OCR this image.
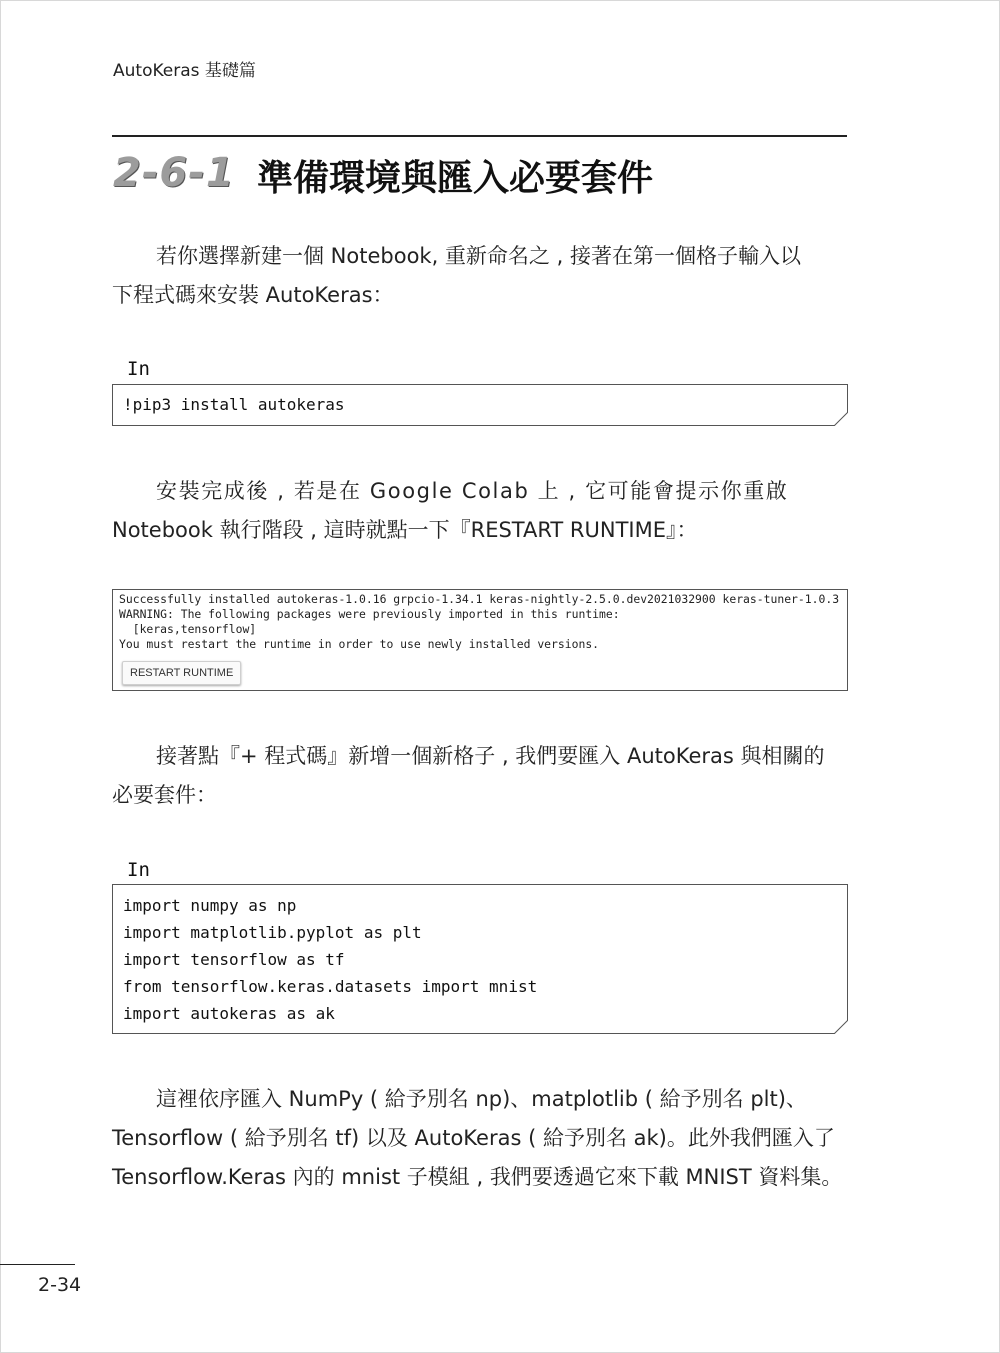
AutoKeras 基礎篇
2-6-1 準備環境與匯入必要套件
若你選擇新建一個 Notebook, 重新命名之 , 接著在第一個格子輸入以
下程式碼來安裝 AutoKeras：
In
!pip3 install autokeras
安裝完成後 , 若是在 Google Colab 上 , 它可能會提示你重啟
Notebook 執行階段 , 這時就點一下『RESTART RUNTIME』：
Successfully installed autokeras-1.0.16 grpcio-1.34.1 keras-nightly-2.5.0.dev2021032900 keras-tuner-1.0.3
WARNING: The following packages were previously imported in this runtime:
[keras,tensorflow]
You must restart the runtime in order to use newly installed versions.
RESTART RUNTIME
接著點『+ 程式碼』新增一個新格子 , 我們要匯入 AutoKeras 與相關的
必要套件：
In
import numpy as np
import matplotlib.pyplot as plt
import tensorflow as tf
from tensorflow.keras.datasets import mnist
import autokeras as ak
這裡依序匯入 NumPy ( 給予別名 np)、matplotlib ( 給予別名 plt)、
Tensorflow ( 給予別名 tf) 以及 AutoKeras ( 給予別名 ak)。此外我們匯入了
Tensorflow.Keras 內的 mnist 子模組 , 我們要透過它來下載 MNIST 資料集。
2-34
